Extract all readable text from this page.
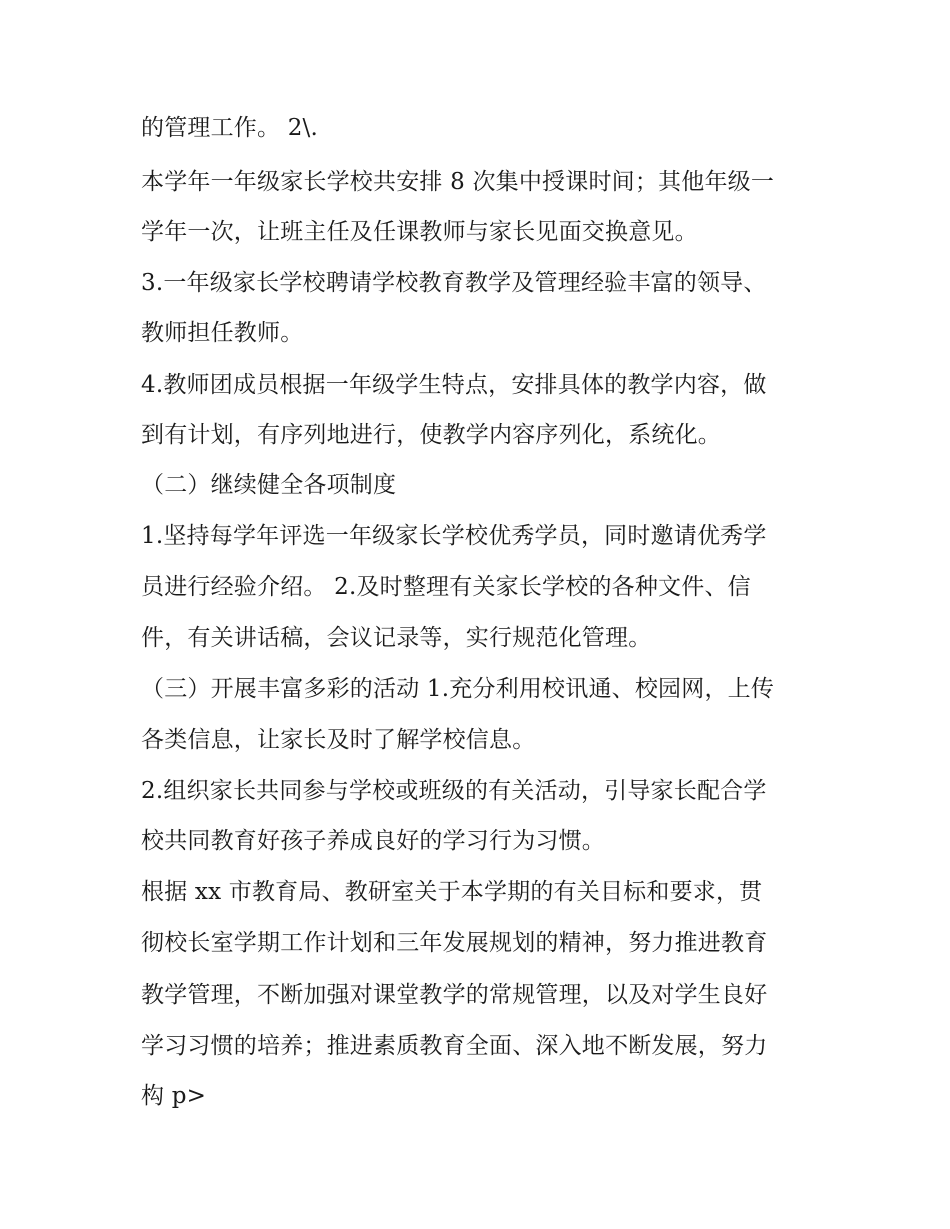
的管理工作。 2\.
本学年一年级家长学校共安排 8 次集中授课时间；其他年级一
学年一次，让班主任及任课教师与家长见面交换意见。
3.一年级家长学校聘请学校教育教学及管理经验丰富的领导、
教师担任教师。
4.教师团成员根据一年级学生特点，安排具体的教学内容，做
到有计划，有序列地进行，使教学内容序列化，系统化。
（二）继续健全各项制度
1.坚持每学年评选一年级家长学校优秀学员，同时邀请优秀学
员进行经验介绍。 2.及时整理有关家长学校的各种文件、信
件，有关讲话稿，会议记录等，实行规范化管理。
（三）开展丰富多彩的活动 1.充分利用校讯通、校园网，上传
各类信息，让家长及时了解学校信息。
2.组织家长共同参与学校或班级的有关活动，引导家长配合学
校共同教育好孩子养成良好的学习行为习惯。
根据 xx 市教育局、教研室关于本学期的有关目标和要求，贯
彻校长室学期工作计划和三年发展规划的精神，努力推进教育
教学管理，不断加强对课堂教学的常规管理，以及对学生良好
学习习惯的培养；推进素质教育全面、深入地不断发展，努力
构 p>
